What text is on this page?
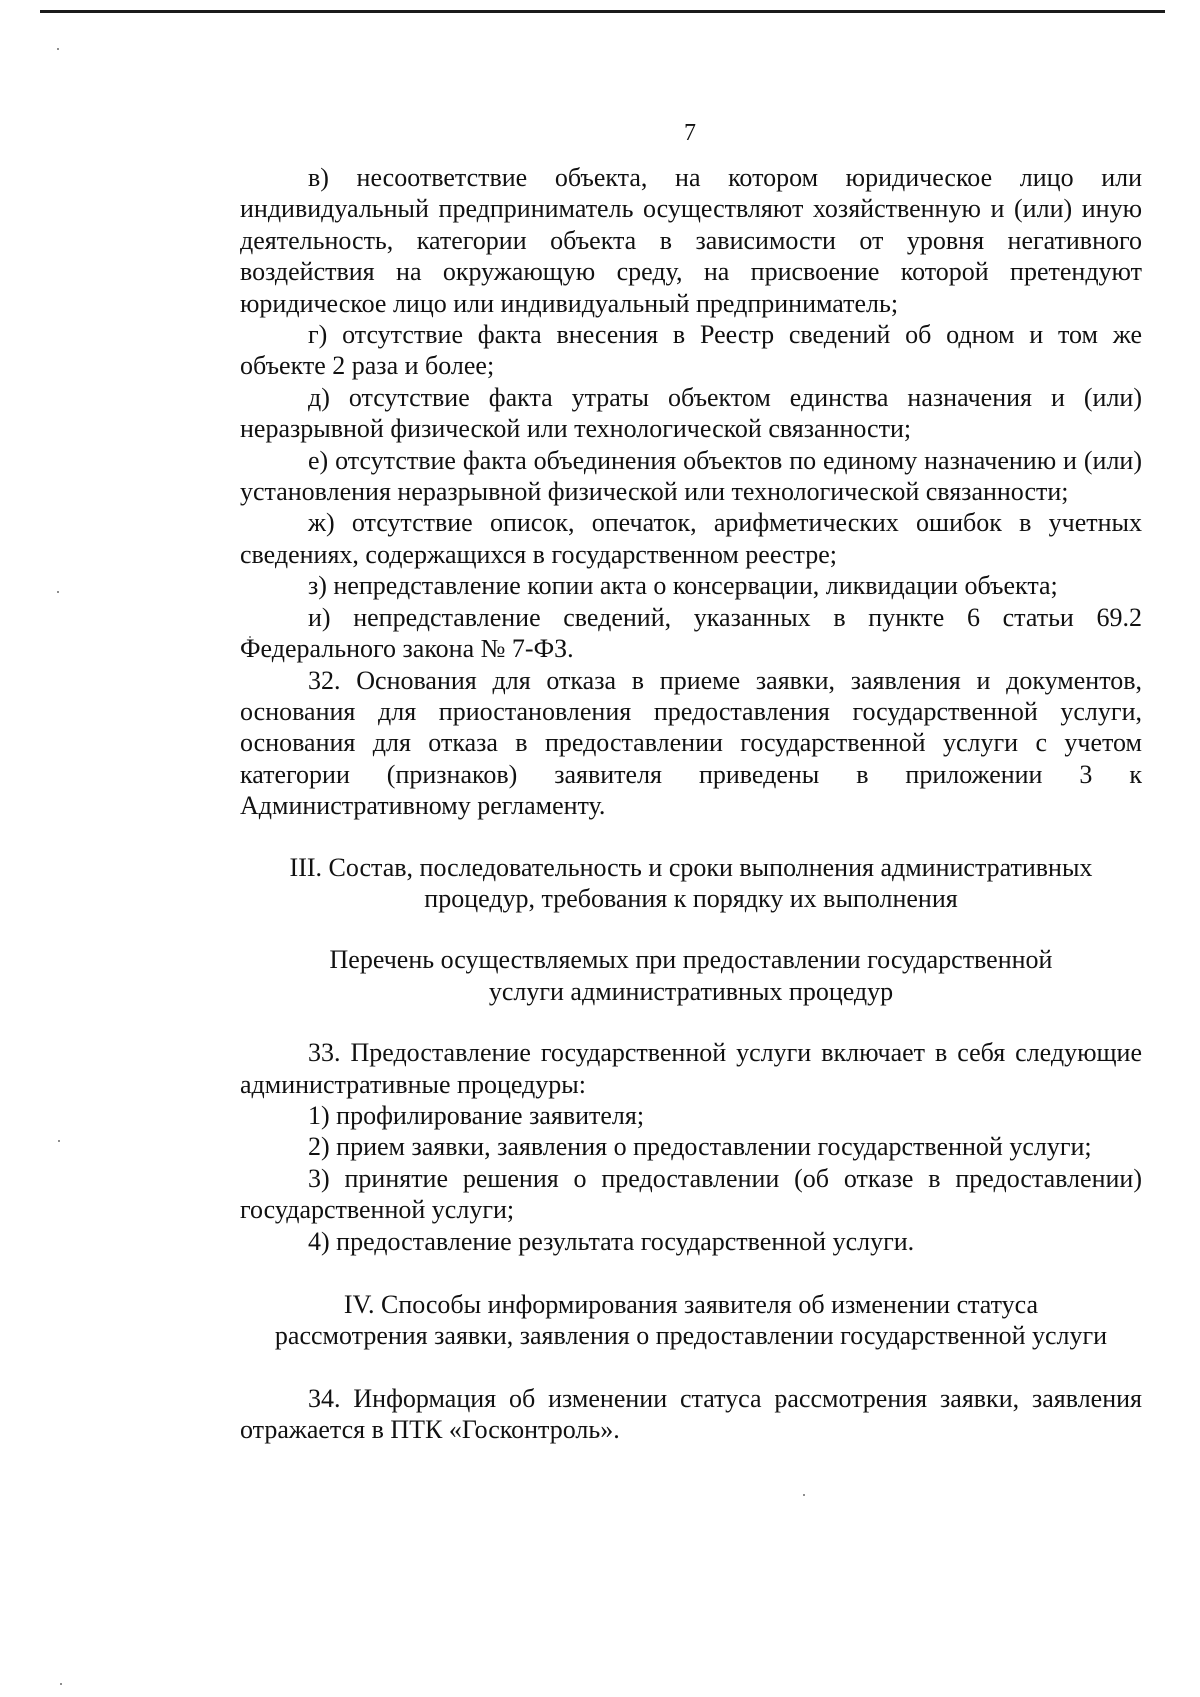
7

в) несоответствие объекта, на котором юридическое лицо или индивидуальный предприниматель осуществляют хозяйственную и (или) иную деятельность, категории объекта в зависимости от уровня негативного воздействия на окружающую среду, на присвоение которой претендуют юридическое лицо или индивидуальный предприниматель;

г) отсутствие факта внесения в Реестр сведений об одном и том же объекте 2 раза и более;

д) отсутствие факта утраты объектом единства назначения и (или) неразрывной физической или технологической связанности;

е) отсутствие факта объединения объектов по единому назначению и (или) установления неразрывной физической или технологической связанности;

ж) отсутствие описок, опечаток, арифметических ошибок в учетных сведениях, содержащихся в государственном реестре;

з) непредставление копии акта о консервации, ликвидации объекта;

и) непредставление сведений, указанных в пункте 6 статьи 69.2 Федерального закона № 7-ФЗ.

32. Основания для отказа в приеме заявки, заявления и документов, основания для приостановления предоставления государственной услуги, основания для отказа в предоставлении государственной услуги с учетом категории (признаков) заявителя приведены в приложении 3 к Административному регламенту.

III. Состав, последовательность и сроки выполнения административных
процедур, требования к порядку их выполнения
Перечень осуществляемых при предоставлении государственной
услуги административных процедур

33. Предоставление государственной услуги включает в себя следующие административные процедуры:

1) профилирование заявителя;

2) прием заявки, заявления о предоставлении государственной услуги;

3) принятие решения о предоставлении (об отказе в предоставлении) государственной услуги;

4) предоставление результата государственной услуги.

IV. Способы информирования заявителя об изменении статуса
рассмотрения заявки, заявления о предоставлении государственной услуги

34. Информация об изменении статуса рассмотрения заявки, заявления отражается в ПТК «Госконтроль».
